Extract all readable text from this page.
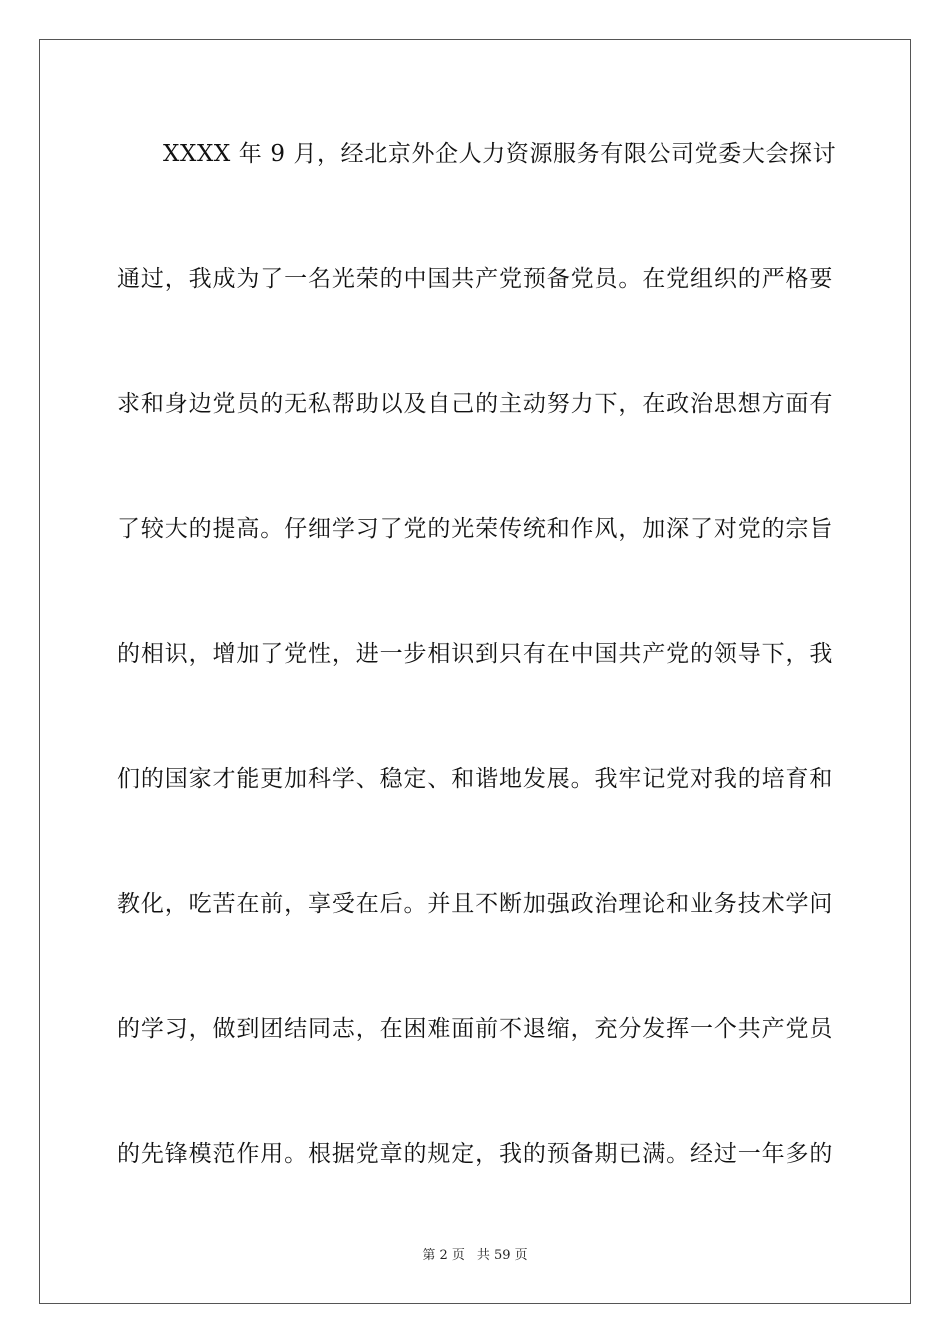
XXXX 年 9 月，经北京外企人力资源服务有限公司党委大会探讨
通过，我成为了一名光荣的中国共产党预备党员。在党组织的严格要
求和身边党员的无私帮助以及自己的主动努力下，在政治思想方面有
了较大的提高。仔细学习了党的光荣传统和作风，加深了对党的宗旨
的相识，增加了党性，进一步相识到只有在中国共产党的领导下，我
们的国家才能更加科学、稳定、和谐地发展。我牢记党对我的培育和
教化，吃苦在前，享受在后。并且不断加强政治理论和业务技术学问
的学习，做到团结同志，在困难面前不退缩，充分发挥一个共产党员
的先锋模范作用。根据党章的规定，我的预备期已满。经过一年多的
第 2 页 共 59 页
